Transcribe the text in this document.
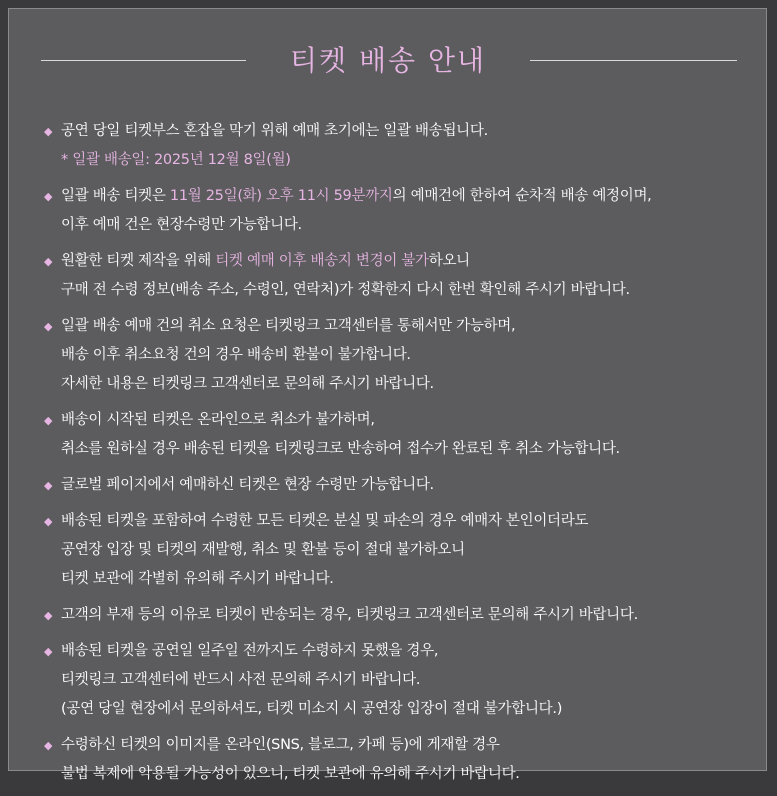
티켓 배송 안내
◆ 공연 당일 티켓부스 혼잡을 막기 위해 예매 초기에는 일괄 배송됩니다.
* 일괄 배송일: 2025년 12월 8일(월)
◆ 일괄 배송 티켓은 11월 25일(화) 오후 11시 59분까지의 예매건에 한하여 순차적 배송 예정이며,
이후 예매 건은 현장수령만 가능합니다.
◆ 원활한 티켓 제작을 위해 티켓 예매 이후 배송지 변경이 불가하오니
구매 전 수령 정보(배송 주소, 수령인, 연락처)가 정확한지 다시 한번 확인해 주시기 바랍니다.
◆ 일괄 배송 예매 건의 취소 요청은 티켓링크 고객센터를 통해서만 가능하며,
배송 이후 취소요청 건의 경우 배송비 환불이 불가합니다.
자세한 내용은 티켓링크 고객센터로 문의해 주시기 바랍니다.
◆ 배송이 시작된 티켓은 온라인으로 취소가 불가하며,
취소를 원하실 경우 배송된 티켓을 티켓링크로 반송하여 접수가 완료된 후 취소 가능합니다.
◆ 글로벌 페이지에서 예매하신 티켓은 현장 수령만 가능합니다.
◆ 배송된 티켓을 포함하여 수령한 모든 티켓은 분실 및 파손의 경우 예매자 본인이더라도
공연장 입장 및 티켓의 재발행, 취소 및 환불 등이 절대 불가하오니
티켓 보관에 각별히 유의해 주시기 바랍니다.
◆ 고객의 부재 등의 이유로 티켓이 반송되는 경우, 티켓링크 고객센터로 문의해 주시기 바랍니다.
◆ 배송된 티켓을 공연일 일주일 전까지도 수령하지 못했을 경우,
티켓링크 고객센터에 반드시 사전 문의해 주시기 바랍니다.
(공연 당일 현장에서 문의하셔도, 티켓 미소지 시 공연장 입장이 절대 불가합니다.)
◆ 수령하신 티켓의 이미지를 온라인(SNS, 블로그, 카페 등)에 게재할 경우
불법 복제에 악용될 가능성이 있으니, 티켓 보관에 유의해 주시기 바랍니다.
